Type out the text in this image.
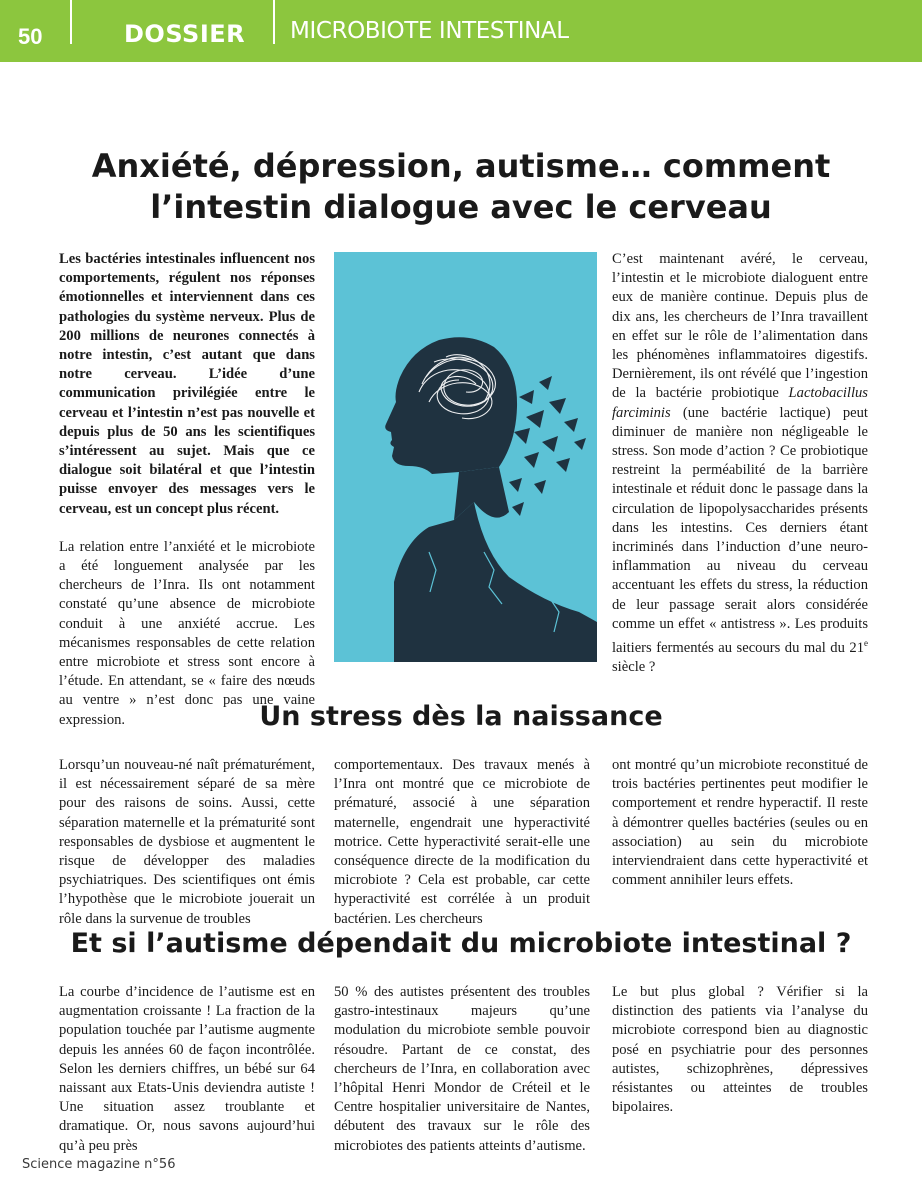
50	DOSSIER MICROBIOTE INTESTINAL
Anxiété, dépression, autisme… comment
l’intestin dialogue avec le cerveau

Les bactéries intestinales influencent nos comportements, régulent nos réponses émotionnelles et interviennent dans ces pathologies du système nerveux. Plus de 200 millions de neurones connectés à notre intestin, c’est autant que dans notre cerveau. L’idée d’une communication privilégiée entre le cerveau et l’intestin n’est pas nouvelle et depuis plus de 50 ans les scientifiques s’intéressent au sujet. Mais que ce dialogue soit bilatéral et que l’intestin puisse envoyer des messages vers le cerveau, est un concept plus récent.

La relation entre l’anxiété et le microbiote a été longuement analysée par les chercheurs de l’Inra. Ils ont notamment constaté qu’une absence de microbiote conduit à une anxiété accrue. Les mécanismes responsables de cette relation entre microbiote et stress sont encore à l’étude. En attendant, se « faire des nœuds au ventre » n’est donc pas une vaine expression.

C’est maintenant avéré, le cerveau, l’intestin et le microbiote dialoguent entre eux de manière continue. Depuis plus de dix ans, les chercheurs de l’Inra travaillent en effet sur le rôle de l’alimentation dans les phénomènes inflammatoires digestifs. Dernièrement, ils ont révélé que l’ingestion de la bactérie probiotique Lactobacillus farciminis (une bactérie lactique) peut diminuer de manière non négligeable le stress. Son mode d’action ? Ce probiotique restreint la perméabilité de la barrière intestinale et réduit donc le passage dans la circulation de lipopolysaccharides présents dans les intestins. Ces derniers étant incriminés dans l’induction d’une neuro-inflammation au niveau du cerveau accentuant les effets du stress, la réduction de leur passage serait alors considérée comme un effet « antistress ». Les produits laitiers fermentés au secours du mal du 21e siècle ?

Un stress dès la naissance

Lorsqu’un nouveau-né naît prématurément, il est nécessairement séparé de sa mère pour des raisons de soins. Aussi, cette séparation maternelle et la prématurité sont responsables de dysbiose et augmentent le risque de développer des maladies psychiatriques. Des scientifiques ont émis l’hypothèse que le microbiote jouerait un rôle dans la survenue de troubles

comportementaux. Des travaux menés à l’Inra ont montré que ce microbiote de prématuré, associé à une séparation maternelle, engendrait une hyperactivité motrice. Cette hyperactivité serait-elle une conséquence directe de la modification du microbiote ? Cela est probable, car cette hyperactivité est corrélée à un produit bactérien. Les chercheurs

ont montré qu’un microbiote reconstitué de trois bactéries pertinentes peut modifier le comportement et rendre hyperactif. Il reste à démontrer quelles bactéries (seules ou en association) au sein du microbiote interviendraient dans cette hyperactivité et comment annihiler leurs effets.

Et si l’autisme dépendait du microbiote intestinal ?

La courbe d’incidence de l’autisme est en augmentation croissante ! La fraction de la population touchée par l’autisme augmente depuis les années 60 de façon incontrôlée. Selon les derniers chiffres, un bébé sur 64 naissant aux Etats-Unis deviendra autiste ! Une situation assez troublante et dramatique. Or, nous savons aujourd’hui qu’à peu près

50 % des autistes présentent des troubles gastro-intestinaux majeurs qu’une modulation du microbiote semble pouvoir résoudre. Partant de ce constat, des chercheurs de l’Inra, en collaboration avec l’hôpital Henri Mondor de Créteil et le Centre hospitalier universitaire de Nantes, débutent des travaux sur le rôle des microbiotes des patients atteints d’autisme.

Le but plus global ? Vérifier si la distinction des patients via l’analyse du microbiote correspond bien au diagnostic posé en psychiatrie pour des personnes autistes, schizophrènes, dépressives résistantes ou atteintes de troubles bipolaires.

Science magazine n°56
